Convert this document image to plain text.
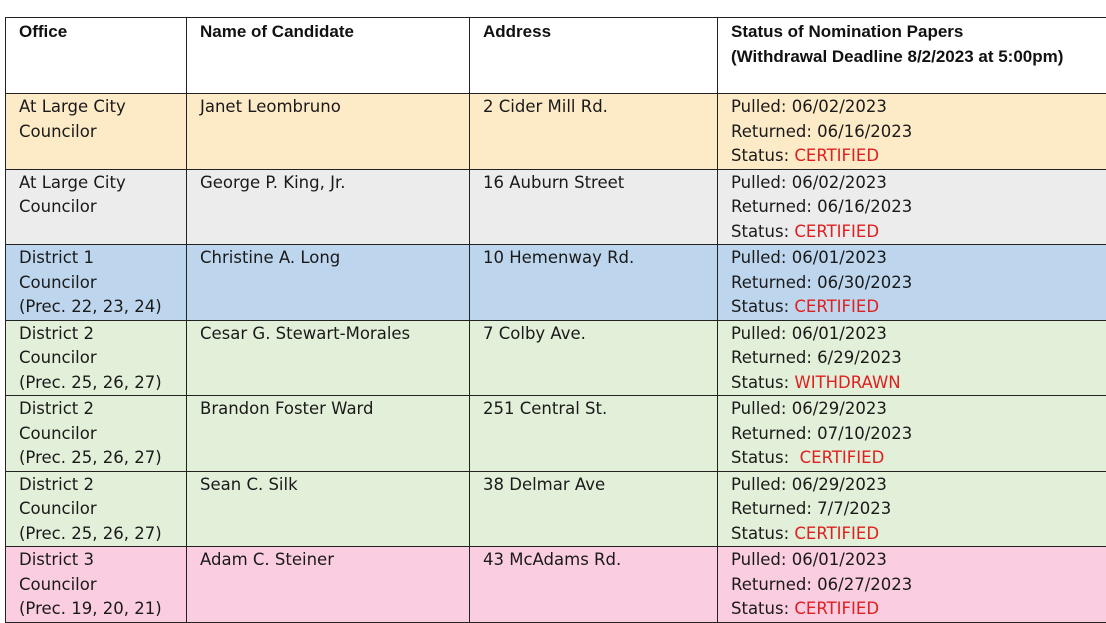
Office	Name of Candidate	Address	Status of Nomination Papers
(Withdrawal Deadline 8/2/2023 at 5:00pm)

At Large City
Councilor	Janet Leombruno	2 Cider Mill Rd.	Pulled: 06/02/2023
Returned: 06/16/2023
Status: CERTIFIED

At Large City
Councilor	George P. King, Jr.	16 Auburn Street	Pulled: 06/02/2023
Returned: 06/16/2023
Status: CERTIFIED

District 1
Councilor
(Prec. 22, 23, 24)	Christine A. Long	10 Hemenway Rd.	Pulled: 06/01/2023
Returned: 06/30/2023
Status: CERTIFIED

District 2
Councilor
(Prec. 25, 26, 27)	Cesar G. Stewart-Morales	7 Colby Ave.	Pulled: 06/01/2023
Returned: 6/29/2023
Status: WITHDRAWN

District 2
Councilor
(Prec. 25, 26, 27)	Brandon Foster Ward	251 Central St.	Pulled: 06/29/2023
Returned: 07/10/2023
Status:  CERTIFIED

District 2
Councilor
(Prec. 25, 26, 27)	Sean C. Silk	38 Delmar Ave	Pulled: 06/29/2023
Returned: 7/7/2023
Status: CERTIFIED

District 3
Councilor
(Prec. 19, 20, 21)	Adam C. Steiner	43 McAdams Rd.	Pulled: 06/01/2023
Returned: 06/27/2023
Status: CERTIFIED
